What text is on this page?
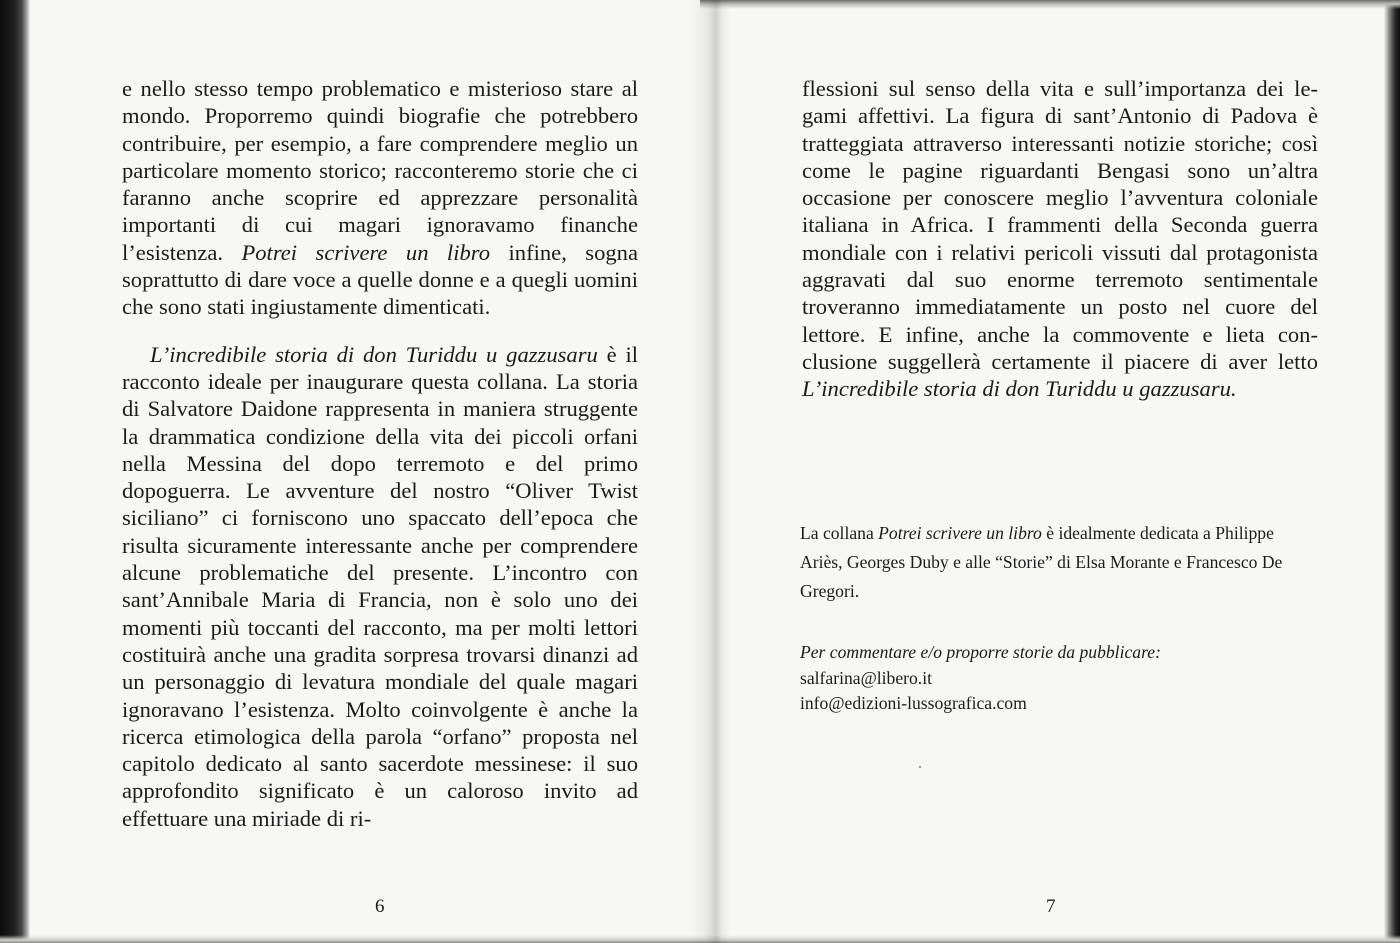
e nello stesso tempo problematico e misterioso stare al mondo. Proporremo quindi biografie che potrebbero contribuire, per esempio, a fare comprendere meglio un particolare momento storico; racconteremo storie che ci faranno anche scoprire ed apprezzare personalità importanti di cui magari ignoravamo finanche l’esistenza. Potrei scrivere un libro infine, sogna soprattutto di dare voce a quelle donne e a quegli uomini che sono stati ingiustamente dimenticati.

L’incredibile storia di don Turiddu u gazzusaru è il racconto ideale per inaugurare questa collana. La storia di Salvatore Daidone rappresenta in maniera struggente la drammatica condizione della vita dei piccoli orfani nella Messina del dopo terremoto e del primo dopoguerra. Le avventure del nostro “Oliver Twist siciliano” ci forniscono uno spaccato dell’epoca che risulta sicuramente interessante anche per comprendere alcune problematiche del presente. L’incontro con sant’Annibale Maria di Francia, non è solo uno dei momenti più toccanti del racconto, ma per molti lettori costituirà anche una gradita sorpresa trovarsi dinanzi ad un personaggio di levatura mondiale del quale magari ignoravano l’esistenza. Molto coinvolgente è anche la ricerca etimologica della parola “orfano” proposta nel capitolo dedicato al santo sacerdote messinese: il suo approfondito significato è un caloroso invito ad effettuare una miriade di ri-

6

flessioni sul senso della vita e sull’importanza dei legami affettivi. La figura di sant’Antonio di Padova è tratteggiata attraverso interessanti notizie storiche; così come le pagine riguardanti Bengasi sono un’altra occasione per conoscere meglio l’avventura coloniale italiana in Africa. I frammenti della Seconda guerra mondiale con i relativi pericoli vissuti dal protagonista aggravati dal suo enorme terremoto sentimentale troveranno immediatamente un posto nel cuore del lettore. E infine, anche la commovente e lieta conclusione suggellerà certamente il piacere di aver letto L’incredibile storia di don Turiddu u gazzusaru.

La collana Potrei scrivere un libro è idealmente dedicata a Philippe Ariès, Georges Duby e alle “Storie” di Elsa Morante e Francesco De Gregori.
Per commentare e/o proporre storie da pubblicare:
salfarina@libero.it
info@edizioni-lussografica.com
7
